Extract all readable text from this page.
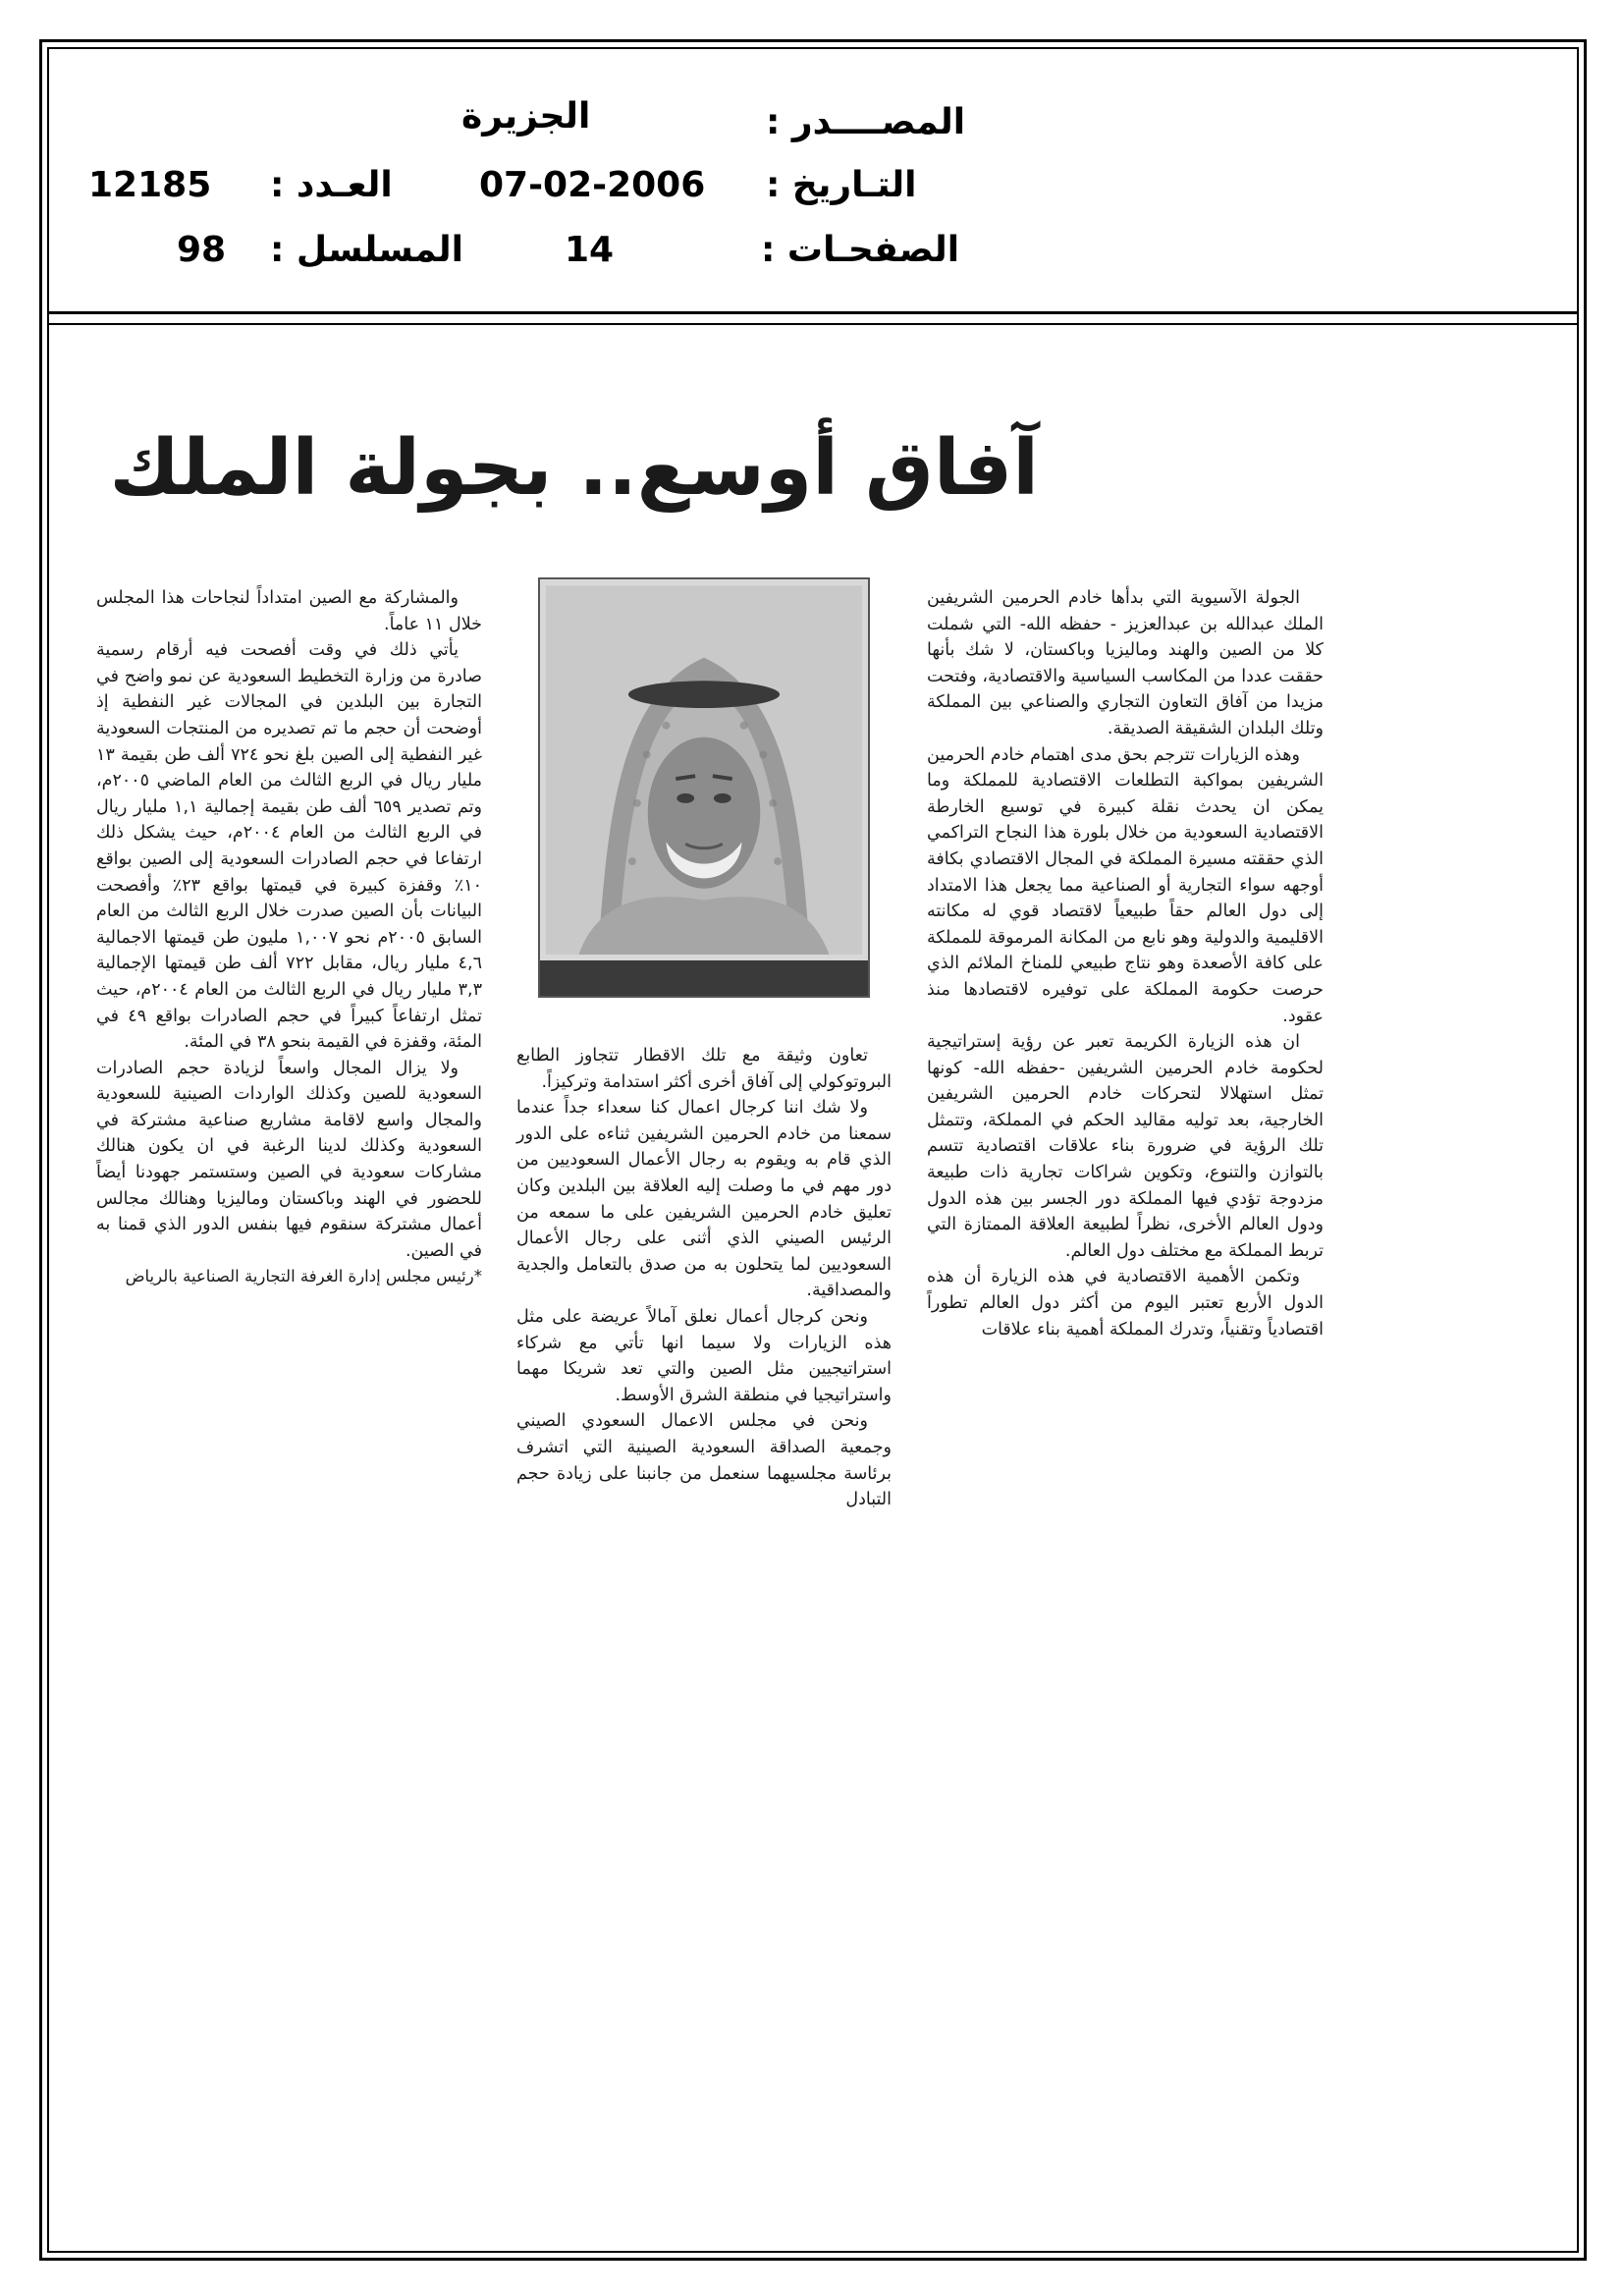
المصــــدر :
الجزيرة
التـاريخ :
07-02-2006
العـدد :
12185
الصفحـات :
14
المسلسل :
98
آفاق أوسع.. بجولة الملك

الجولة الآسيوية التي بدأها خادم الحرمين الشريفين الملك عبدالله بن عبدالعزيز - حفظه الله- التي شملت كلا من الصين والهند وماليزيا وباكستان، لا شك بأنها حققت عددا من المكاسب السياسية والاقتصادية، وفتحت مزيدا من آفاق التعاون التجاري والصناعي بين المملكة وتلك البلدان الشقيقة الصديقة.

وهذه الزيارات تترجم بحق مدى اهتمام خادم الحرمين الشريفين بمواكبة التطلعات الاقتصادية للمملكة وما يمكن ان يحدث نقلة كبيرة في توسيع الخارطة الاقتصادية السعودية من خلال بلورة هذا النجاح التراكمي الذي حققته مسيرة المملكة في المجال الاقتصادي بكافة أوجهه سواء التجارية أو الصناعية مما يجعل هذا الامتداد إلى دول العالم حقاً طبيعياً لاقتصاد قوي له مكانته الاقليمية والدولية وهو نابع من المكانة المرموقة للمملكة على كافة الأصعدة وهو نتاج طبيعي للمناخ الملائم الذي حرصت حكومة المملكة على توفيره لاقتصادها منذ عقود.

ان هذه الزيارة الكريمة تعبر عن رؤية إستراتيجية لحكومة خادم الحرمين الشريفين -حفظه الله- كونها تمثل استهلالا لتحركات خادم الحرمين الشريفين الخارجية، بعد توليه مقاليد الحكم في المملكة، وتتمثل تلك الرؤية في ضرورة بناء علاقات اقتصادية تتسم بالتوازن والتنوع، وتكوين شراكات تجارية ذات طبيعة مزدوجة تؤدي فيها المملكة دور الجسر بين هذه الدول ودول العالم الأخرى، نظراً لطبيعة العلاقة الممتازة التي تربط المملكة مع مختلف دول العالم.

وتكمن الأهمية الاقتصادية في هذه الزيارة أن هذه الدول الأربع تعتبر اليوم من أكثر دول العالم تطوراً اقتصادياً وتقنياً، وتدرك المملكة أهمية بناء علاقات

تعاون وثيقة مع تلك الاقطار تتجاوز الطابع البروتوكولي إلى آفاق أخرى أكثر استدامة وتركيزاً.

ولا شك اننا كرجال اعمال كنا سعداء جداً عندما سمعنا من خادم الحرمين الشريفين ثناءه على الدور الذي قام به ويقوم به رجال الأعمال السعوديين من دور مهم في ما وصلت إليه العلاقة بين البلدين وكان تعليق خادم الحرمين الشريفين على ما سمعه من الرئيس الصيني الذي أثنى على رجال الأعمال السعوديين لما يتحلون به من صدق بالتعامل والجدية والمصداقية.

ونحن كرجال أعمال نعلق آمالاً عريضة على مثل هذه الزيارات ولا سيما انها تأتي مع شركاء استراتيجيين مثل الصين والتي تعد شريكا مهما واستراتيجيا في منطقة الشرق الأوسط.

ونحن في مجلس الاعمال السعودي الصيني وجمعية الصداقة السعودية الصينية التي اتشرف برئاسة مجلسيهما سنعمل من جانبنا على زيادة حجم التبادل

والمشاركة مع الصين امتداداً لنجاحات هذا المجلس خلال ١١ عاماً.

يأتي ذلك في وقت أفصحت فيه أرقام رسمية صادرة من وزارة التخطيط السعودية عن نمو واضح في التجارة بين البلدين في المجالات غير النفطية إذ أوضحت أن حجم ما تم تصديره من المنتجات السعودية غير النفطية إلى الصين بلغ نحو ٧٢٤ ألف طن بقيمة ١٣ مليار ريال في الربع الثالث من العام الماضي ٢٠٠٥م، وتم تصدير ٦٥٩ ألف طن بقيمة إجمالية ١,١ مليار ريال في الربع الثالث من العام ٢٠٠٤م، حيث يشكل ذلك ارتفاعا في حجم الصادرات السعودية إلى الصين بواقع ١٠٪ وقفزة كبيرة في قيمتها بواقع ٢٣٪ وأفصحت البيانات بأن الصين صدرت خلال الربع الثالث من العام السابق ٢٠٠٥م نحو ١,٠٠٧ مليون طن قيمتها الاجمالية ٤,٦ مليار ريال، مقابل ٧٢٢ ألف طن قيمتها الإجمالية ٣,٣ مليار ريال في الربع الثالث من العام ٢٠٠٤م، حيث تمثل ارتفاعاً كبيراً في حجم الصادرات بواقع ٤٩ في المئة، وقفزة في القيمة بنحو ٣٨ في المئة.

ولا يزال المجال واسعاً لزيادة حجم الصادرات السعودية للصين وكذلك الواردات الصينية للسعودية والمجال واسع لاقامة مشاريع صناعية مشتركة في السعودية وكذلك لدينا الرغبة في ان يكون هنالك مشاركات سعودية في الصين وستستمر جهودنا أيضاً للحضور في الهند وباكستان وماليزيا وهنالك مجالس أعمال مشتركة سنقوم فيها بنفس الدور الذي قمنا به في الصين.

*رئيس مجلس إدارة الغرفة التجارية الصناعية بالرياض
